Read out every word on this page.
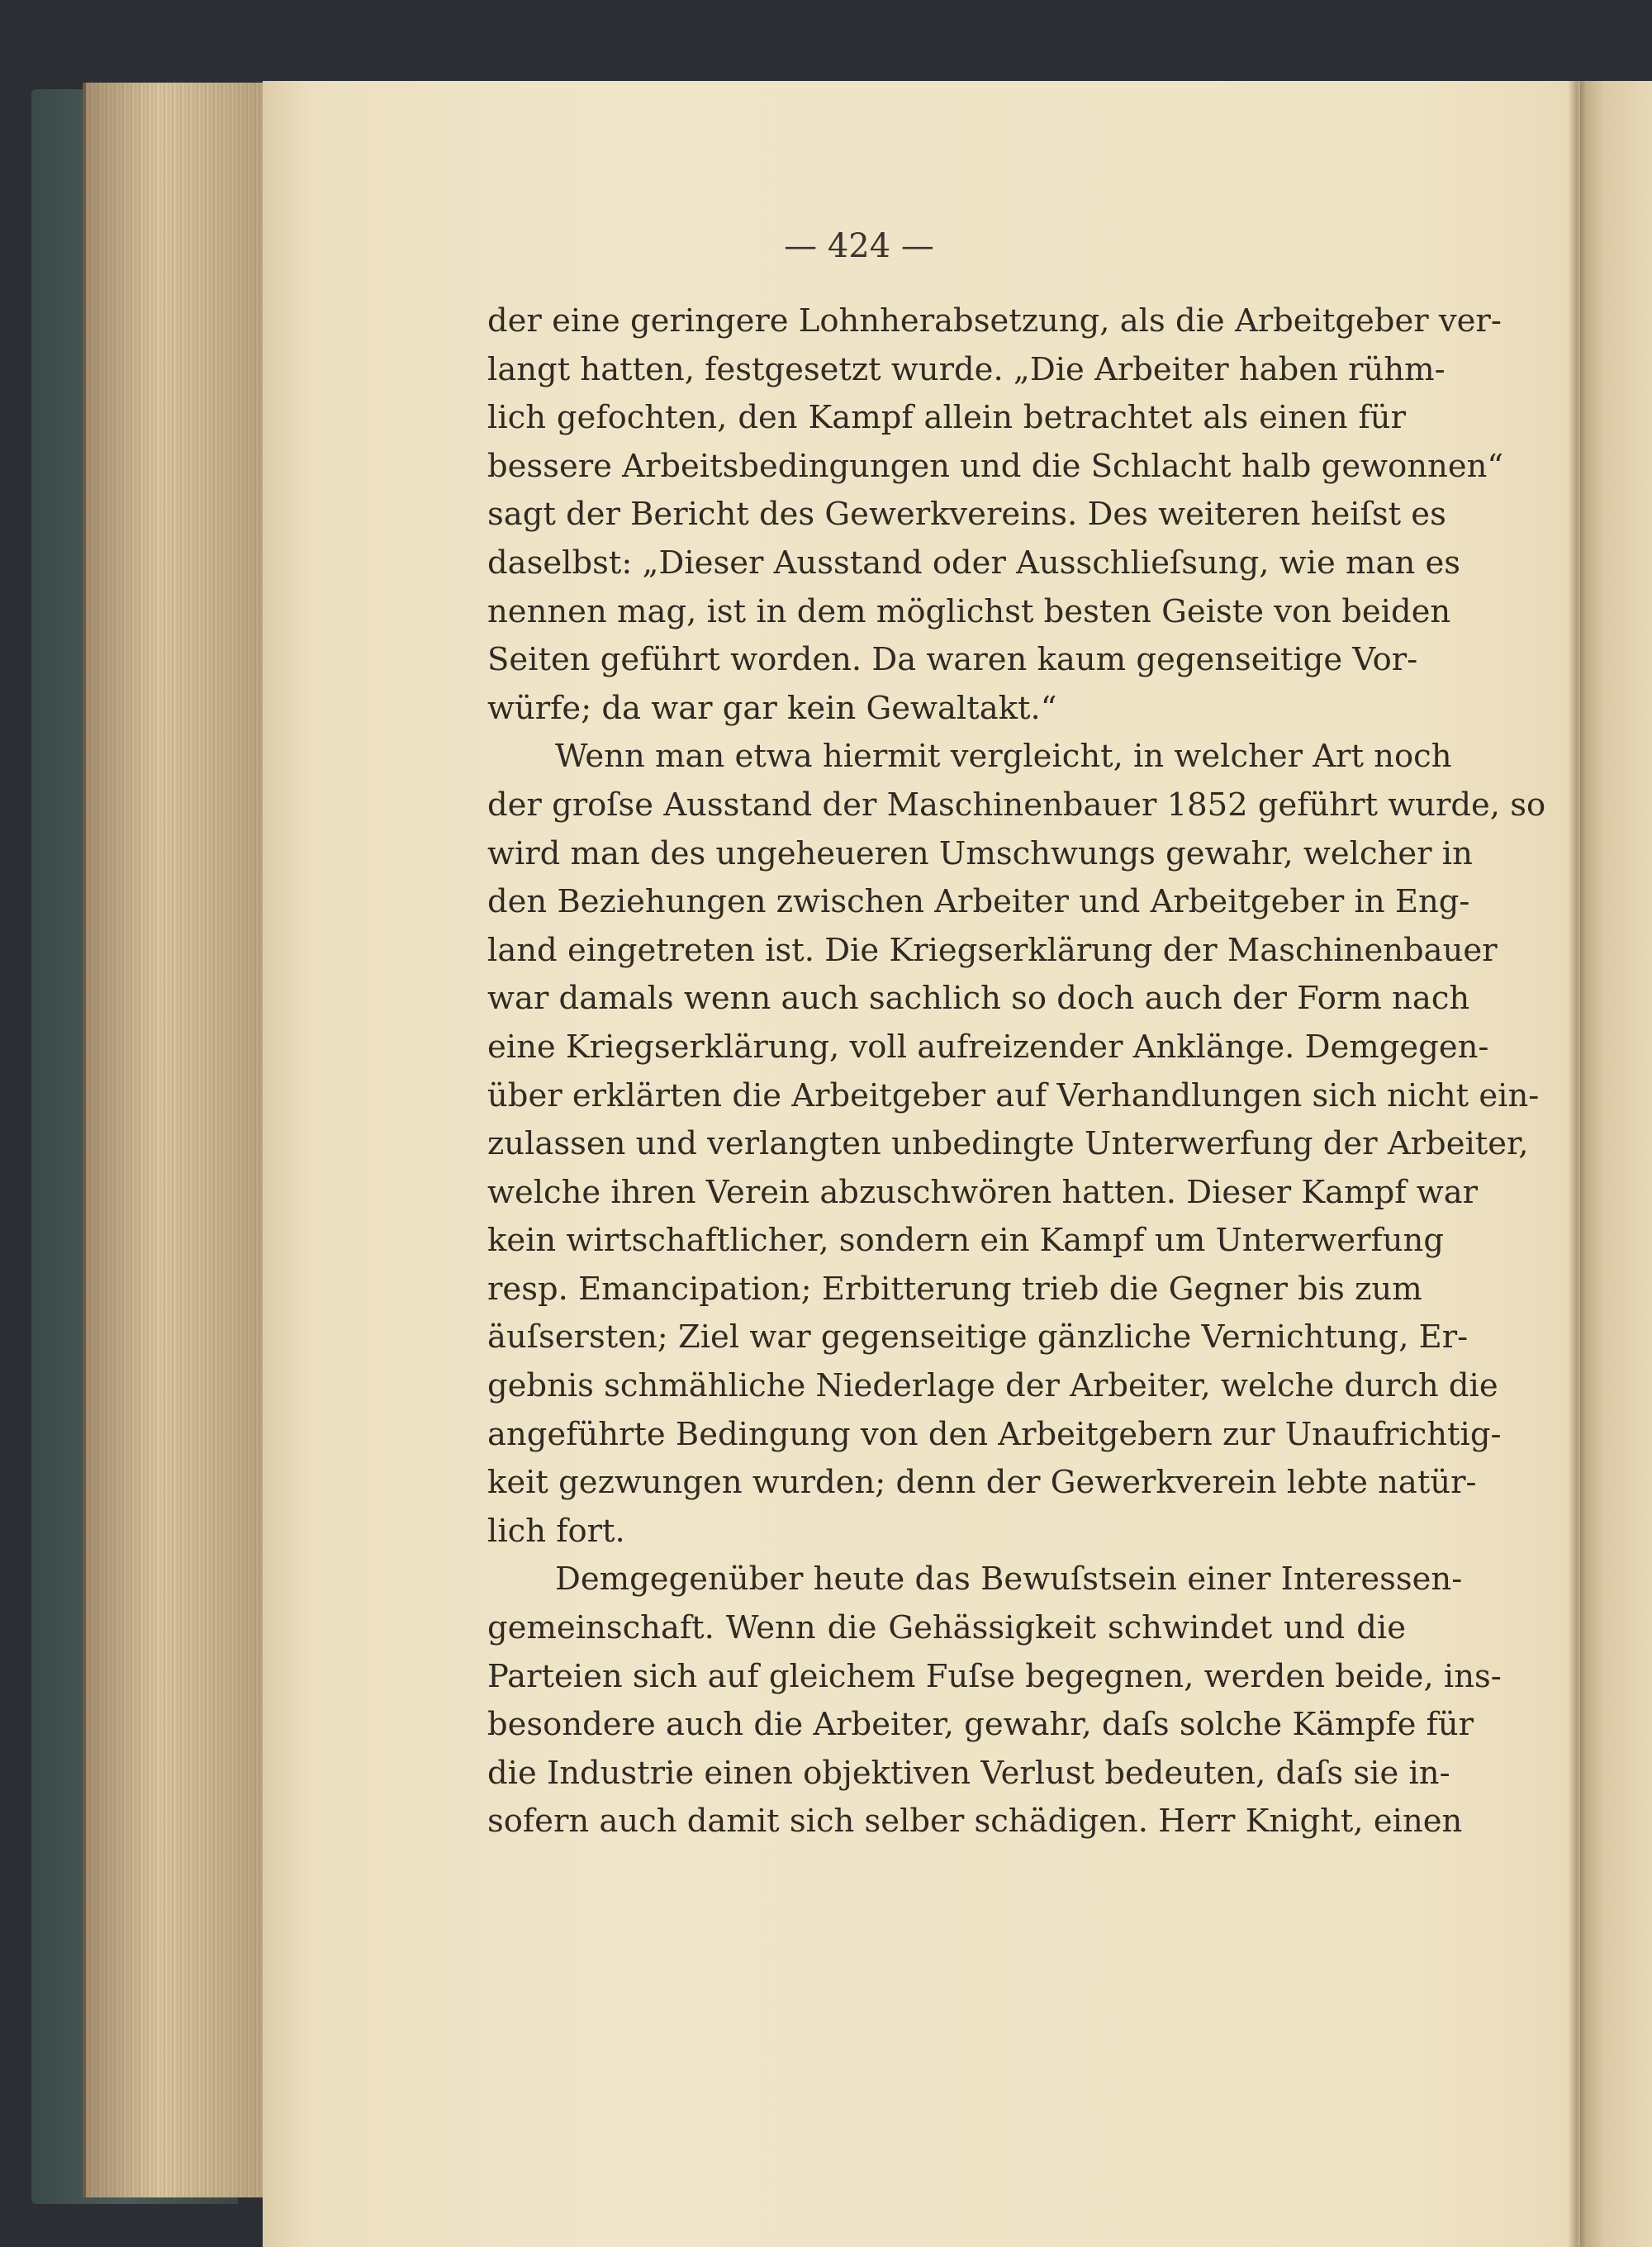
— 424 —
der eine geringere Lohnherabsetzung, als die Arbeitgeber ver-
langt hatten, festgesetzt wurde. „Die Arbeiter haben rühm-
lich gefochten, den Kampf allein betrachtet als einen für
bessere Arbeitsbedingungen und die Schlacht halb gewonnen“
sagt der Bericht des Gewerkvereins. Des weiteren heiſst es
daselbst: „Dieser Ausstand oder Ausschlieſsung, wie man es
nennen mag, ist in dem möglichst besten Geiste von beiden
Seiten geführt worden. Da waren kaum gegenseitige Vor-
würfe; da war gar kein Gewaltakt.“
Wenn man etwa hiermit vergleicht, in welcher Art noch
der groſse Ausstand der Maschinenbauer 1852 geführt wurde, so
wird man des ungeheueren Umschwungs gewahr, welcher in
den Beziehungen zwischen Arbeiter und Arbeitgeber in Eng-
land eingetreten ist. Die Kriegserklärung der Maschinenbauer
war damals wenn auch sachlich so doch auch der Form nach
eine Kriegserklärung, voll aufreizender Anklänge. Demgegen-
über erklärten die Arbeitgeber auf Verhandlungen sich nicht ein-
zulassen und verlangten unbedingte Unterwerfung der Arbeiter,
welche ihren Verein abzuschwören hatten. Dieser Kampf war
kein wirtschaftlicher, sondern ein Kampf um Unterwerfung
resp. Emancipation; Erbitterung trieb die Gegner bis zum
äuſsersten; Ziel war gegenseitige gänzliche Vernichtung, Er-
gebnis schmähliche Niederlage der Arbeiter, welche durch die
angeführte Bedingung von den Arbeitgebern zur Unaufrichtig-
keit gezwungen wurden; denn der Gewerkverein lebte natür-
lich fort.
Demgegenüber heute das Bewuſstsein einer Interessen-
gemeinschaft. Wenn die Gehässigkeit schwindet und die
Parteien sich auf gleichem Fuſse begegnen, werden beide, ins-
besondere auch die Arbeiter, gewahr, daſs solche Kämpfe für
die Industrie einen objektiven Verlust bedeuten, daſs sie in-
sofern auch damit sich selber schädigen. Herr Knight, einen
